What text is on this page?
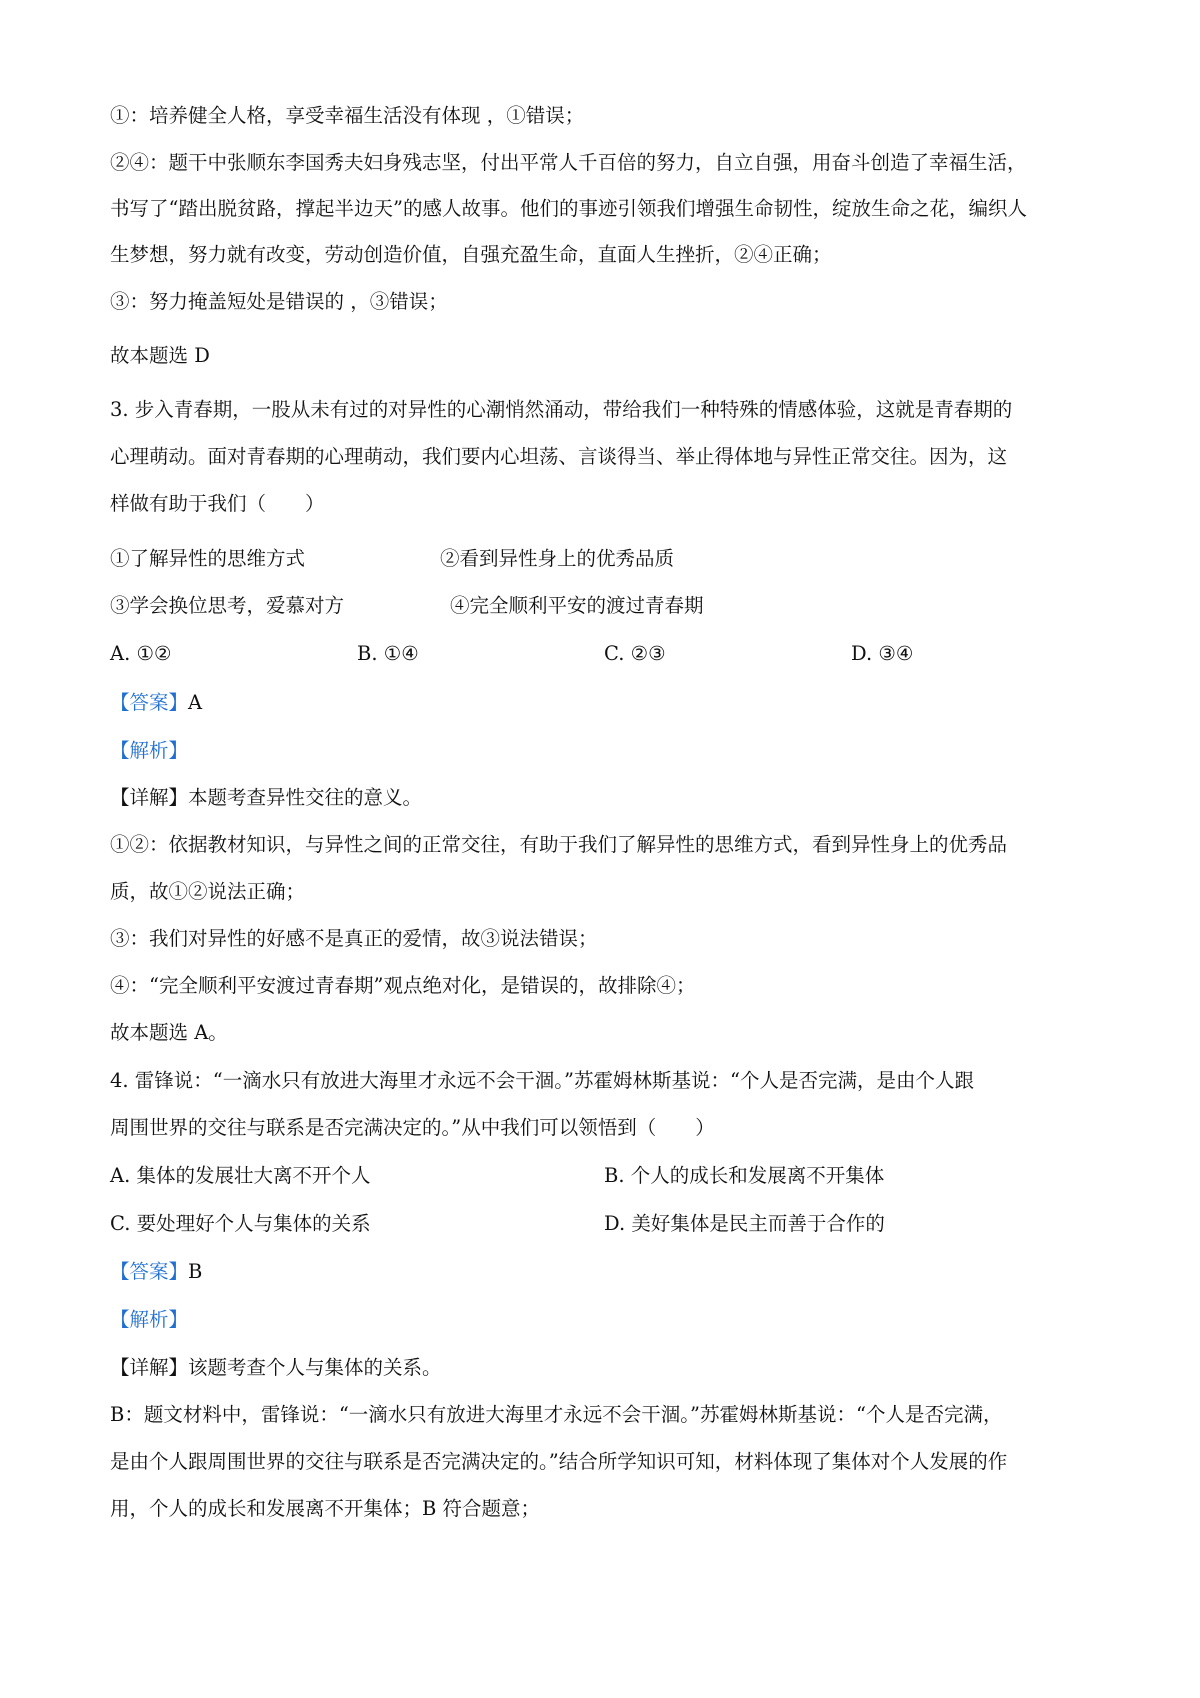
①：培养健全人格，享受幸福生活没有体现 ，①错误；
②④：题干中张顺东李国秀夫妇身残志坚，付出平常人千百倍的努力，自立自强，用奋斗创造了幸福生活，
书写了“踏出脱贫路，撑起半边天”的感人故事。他们的事迹引领我们增强生命韧性，绽放生命之花，编织人
生梦想，努力就有改变，劳动创造价值，自强充盈生命，直面人生挫折，②④正确；
③：努力掩盖短处是错误的 ，③错误；
故本题选 D
3. 步入青春期，一股从未有过的对异性的心潮悄然涌动，带给我们一种特殊的情感体验，这就是青春期的
心理萌动。面对青春期的心理萌动，我们要内心坦荡、言谈得当、举止得体地与异性正常交往。因为，这
样做有助于我们（　　）
①了解异性的思维方式	②看到异性身上的优秀品质
③学会换位思考，爱慕对方	④完全顺利平安的渡过青春期
A. ①②	B. ①④	C. ②③	D. ③④
【答案】A
【解析】
【详解】本题考查异性交往的意义。
①②：依据教材知识，与异性之间的正常交往，有助于我们了解异性的思维方式，看到异性身上的优秀品
质，故①②说法正确；
③：我们对异性的好感不是真正的爱情，故③说法错误；
④：“完全顺利平安渡过青春期”观点绝对化，是错误的，故排除④；
故本题选 A。
4. 雷锋说：“一滴水只有放进大海里才永远不会干涸。”苏霍姆林斯基说：“个人是否完满，是由个人跟
周围世界的交往与联系是否完满决定的。”从中我们可以领悟到（　　）
A. 集体的发展壮大离不开个人	B. 个人的成长和发展离不开集体
C. 要处理好个人与集体的关系	D. 美好集体是民主而善于合作的
【答案】B
【解析】
【详解】该题考查个人与集体的关系。
B：题文材料中，雷锋说：“一滴水只有放进大海里才永远不会干涸。”苏霍姆林斯基说：“个人是否完满，
是由个人跟周围世界的交往与联系是否完满决定的。”结合所学知识可知，材料体现了集体对个人发展的作
用，个人的成长和发展离不开集体；B 符合题意；
